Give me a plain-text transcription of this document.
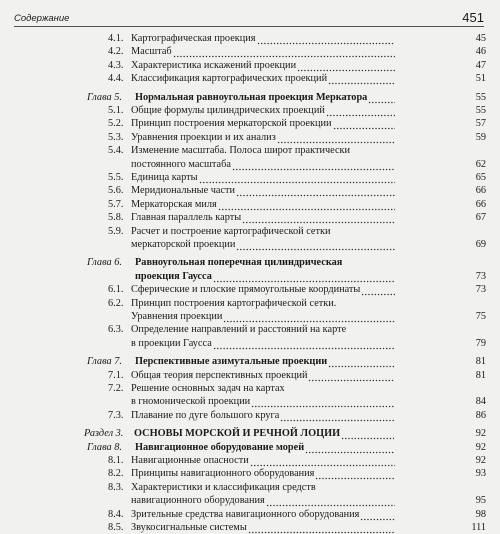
Содержание	451
4.1. Картографическая проекция	45
4.2. Масштаб	46
4.3. Характеристика искажений проекции	47
4.4. Классификация картографических проекций	51
Глава 5. Нормальная равноугольная проекция Меркатора	55
5.1. Общие формулы цилиндрических проекций	55
5.2. Принцип построения меркаторской проекции	57
5.3. Уравнения проекции и их анализ	59
5.4. Изменение масштаба. Полоса широт практически
постоянного масштаба	62
5.5. Единица карты	65
5.6. Меридиональные части	66
5.7. Меркаторская миля	66
5.8. Главная параллель карты	67
5.9. Расчет и построение картографической сетки
меркаторской проекции	69
Глава 6. Равноугольная поперечная цилиндрическая
проекция Гаусса	73
6.1. Сферические и плоские прямоугольные координаты	73
6.2. Принцип построения картографической сетки.
Уравнения проекции	75
6.3. Определение направлений и расстояний на карте
в проекции Гаусса	79
Глава 7. Перспективные азимутальные проекции	81
7.1. Общая теория перспективных проекций	81
7.2. Решение основных задач на картах
в гномонической проекции	84
7.3. Плавание по дуге большого круга	86
Раздел 3. ОСНОВЫ МОРСКОЙ И РЕЧНОЙ ЛОЦИИ	92
Глава 8. Навигационное оборудование морей	92
8.1. Навигационные опасности	92
8.2. Принципы навигационного оборудования	93
8.3. Характеристики и классификация средств
навигационного оборудования	95
8.4. Зрительные средства навигационного оборудования	98
8.5. Звукосигнальные системы	111
